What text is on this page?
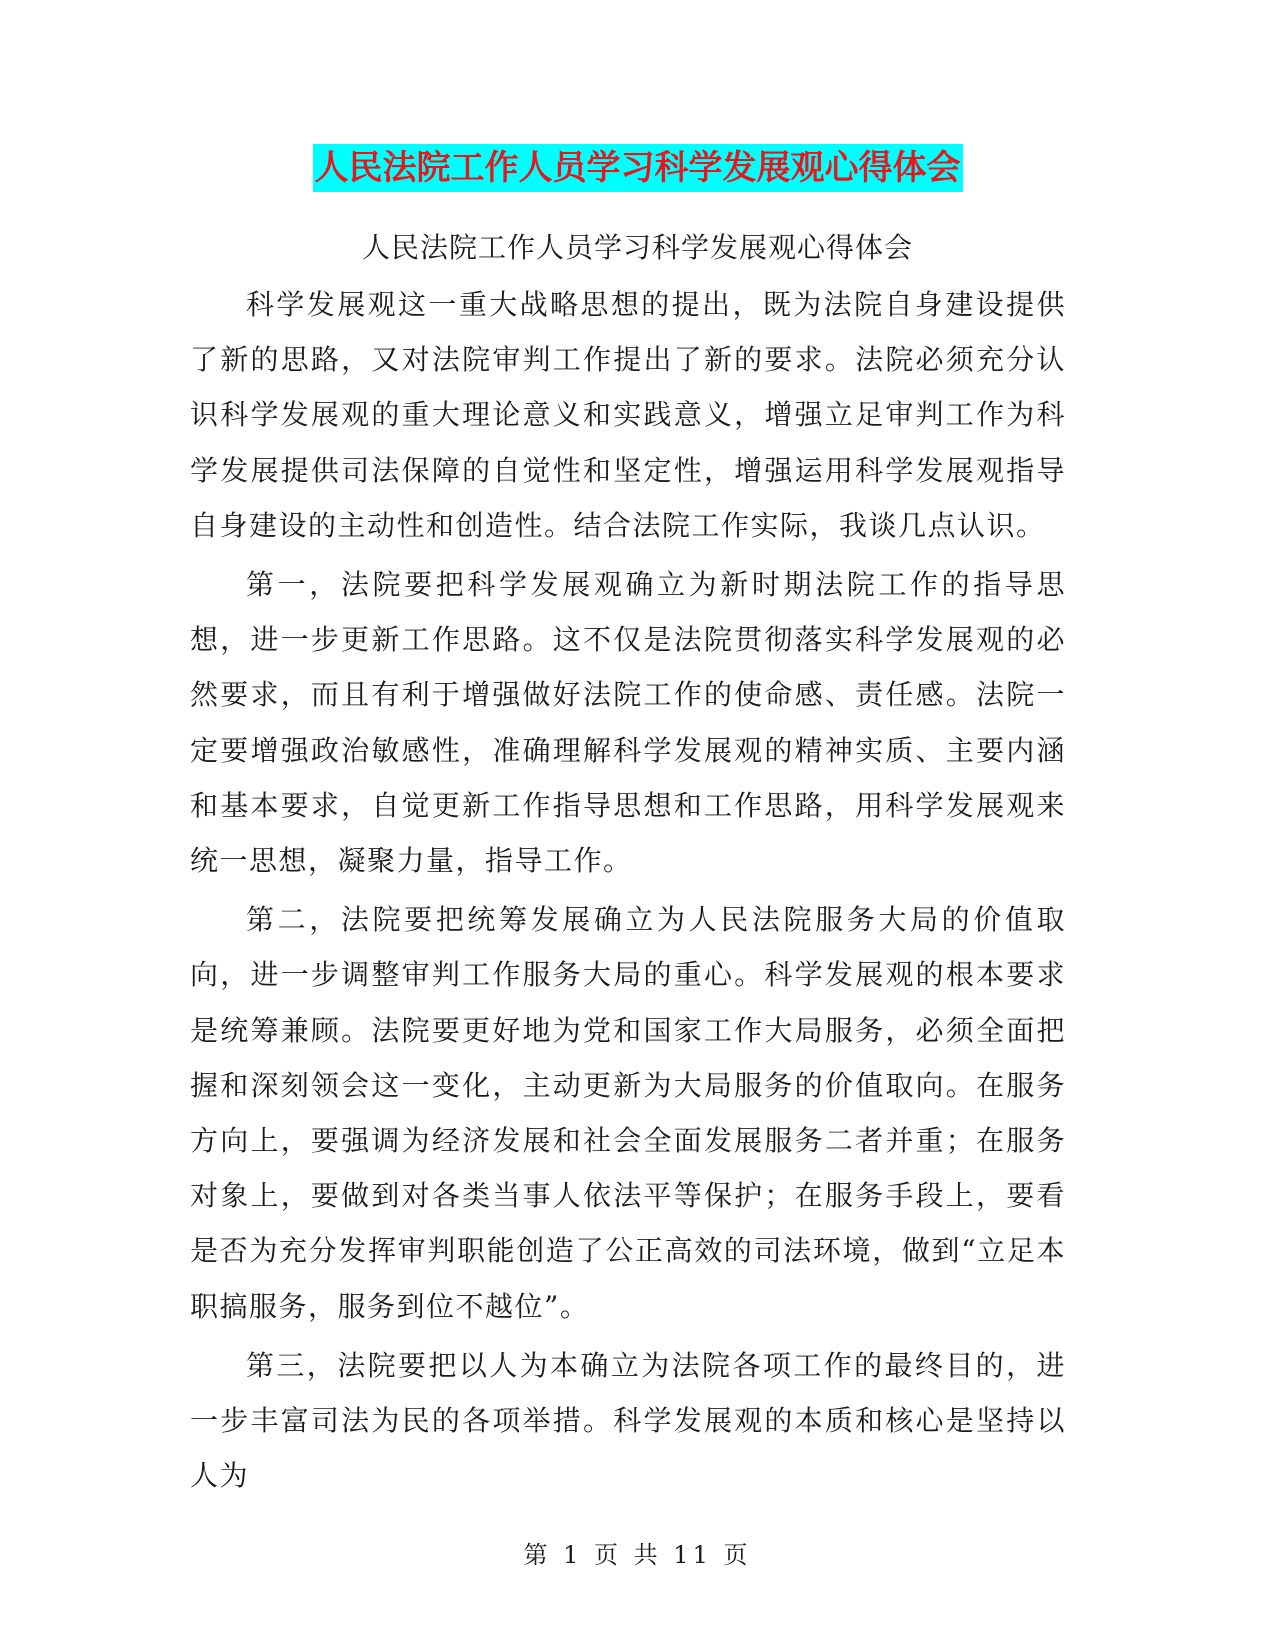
人民法院工作人员学习科学发展观心得体会
人民法院工作人员学习科学发展观心得体会

科学发展观这一重大战略思想的提出，既为法院自身建设提供了新的思路，又对法院审判工作提出了新的要求。法院必须充分认识科学发展观的重大理论意义和实践意义，增强立足审判工作为科学发展提供司法保障的自觉性和坚定性，增强运用科学发展观指导自身建设的主动性和创造性。结合法院工作实际，我谈几点认识。

第一，法院要把科学发展观确立为新时期法院工作的指导思想，进一步更新工作思路。这不仅是法院贯彻落实科学发展观的必然要求，而且有利于增强做好法院工作的使命感、责任感。法院一定要增强政治敏感性，准确理解科学发展观的精神实质、主要内涵和基本要求，自觉更新工作指导思想和工作思路，用科学发展观来统一思想，凝聚力量，指导工作。

第二，法院要把统筹发展确立为人民法院服务大局的价值取向，进一步调整审判工作服务大局的重心。科学发展观的根本要求是统筹兼顾。法院要更好地为党和国家工作大局服务，必须全面把握和深刻领会这一变化，主动更新为大局服务的价值取向。在服务方向上，要强调为经济发展和社会全面发展服务二者并重；在服务对象上，要做到对各类当事人依法平等保护；在服务手段上，要看是否为充分发挥审判职能创造了公正高效的司法环境，做到“立足本职搞服务，服务到位不越位”。

第三，法院要把以人为本确立为法院各项工作的最终目的，进一步丰富司法为民的各项举措。科学发展观的本质和核心是坚持以人为

第 1 页 共 11 页
